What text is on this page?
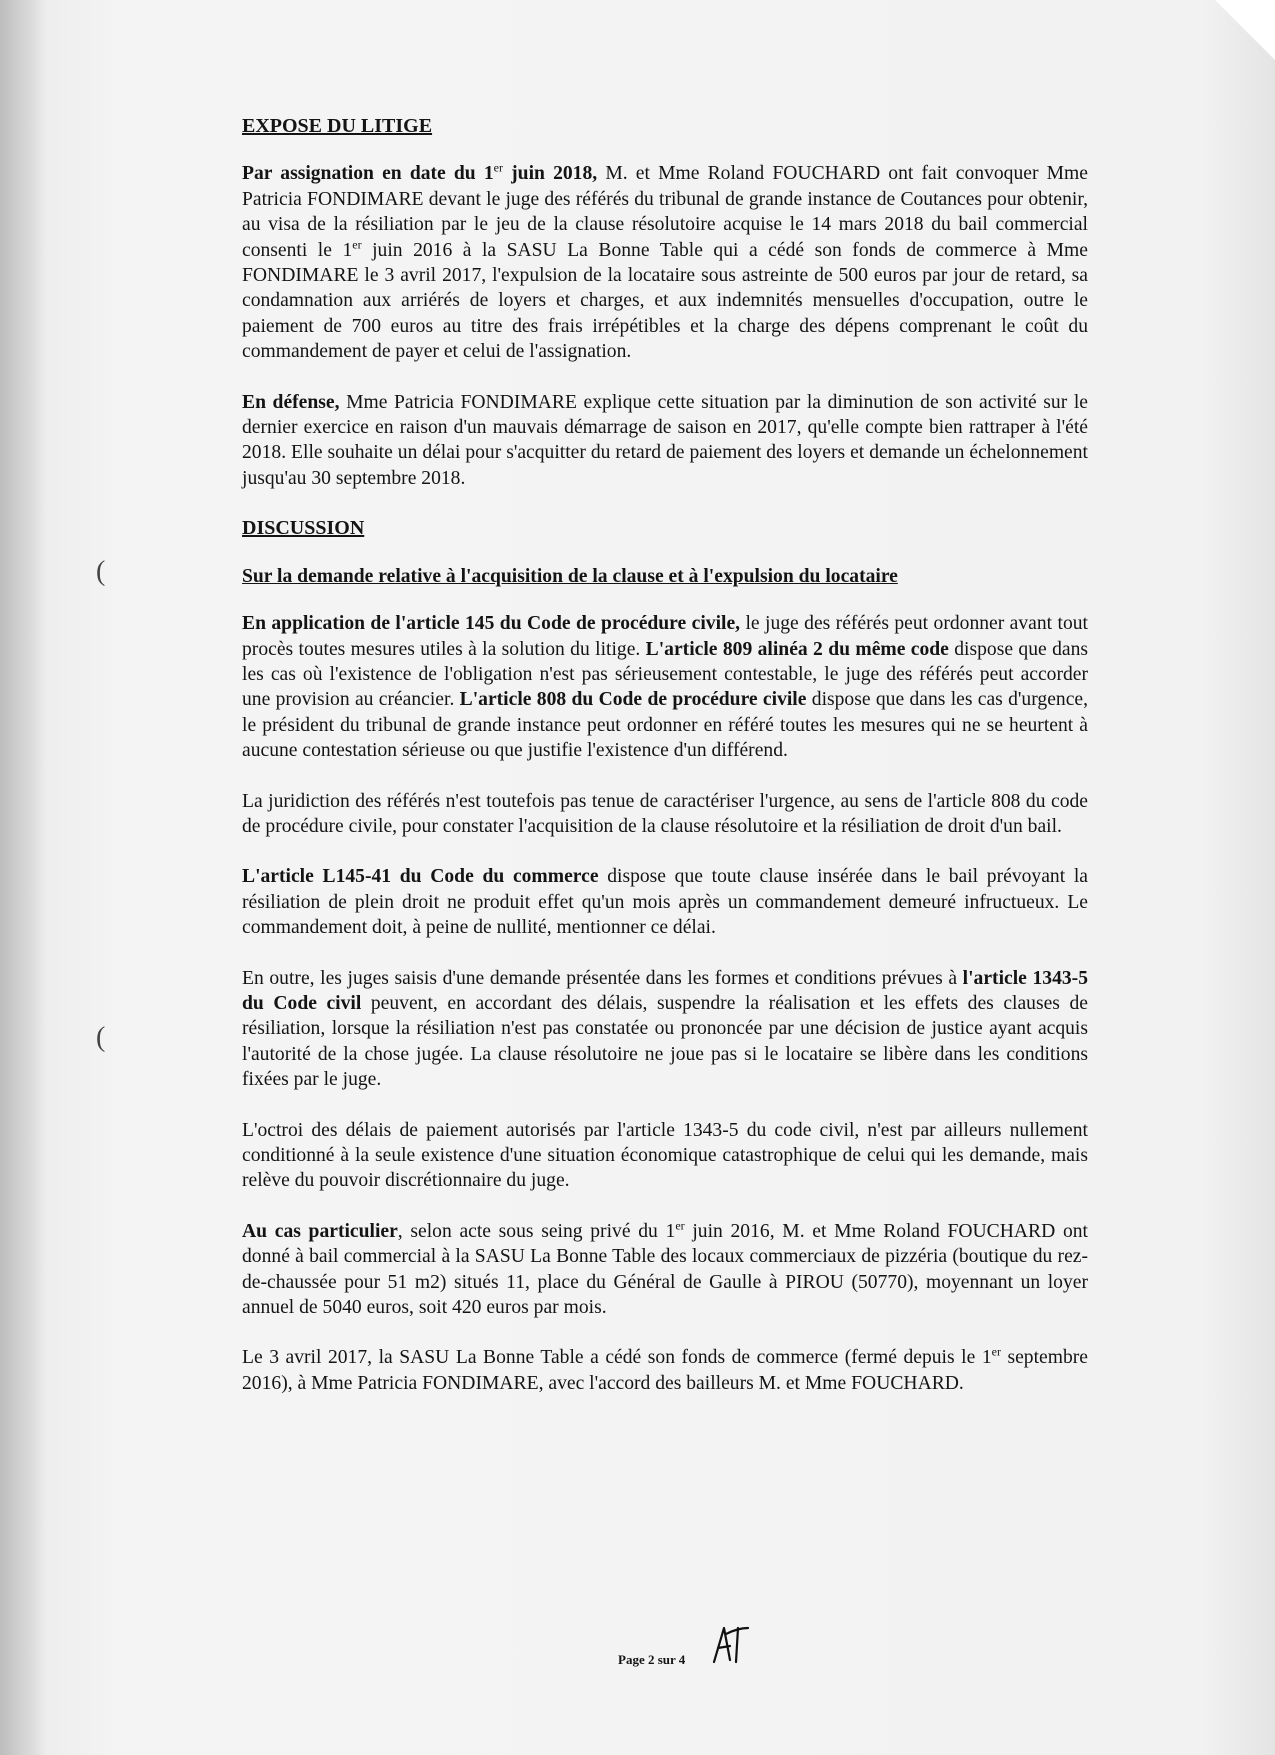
(
(
EXPOSE DU LITIGE

Par assignation en date du 1er juin 2018, M. et Mme Roland FOUCHARD ont fait convoquer Mme Patricia FONDIMARE devant le juge des référés du tribunal de grande instance de Coutances pour obtenir, au visa de la résiliation par le jeu de la clause résolutoire acquise le 14 mars 2018 du bail commercial consenti le 1er juin 2016 à la SASU La Bonne Table qui a cédé son fonds de commerce à Mme FONDIMARE le 3 avril 2017, l'expulsion de la locataire sous astreinte de 500 euros par jour de retard, sa condamnation aux arriérés de loyers et charges, et aux indemnités mensuelles d'occupation, outre le paiement de 700 euros au titre des frais irrépétibles et la charge des dépens comprenant le coût du commandement de payer et celui de l'assignation.

En défense, Mme Patricia FONDIMARE explique cette situation par la diminution de son activité sur le dernier exercice en raison d'un mauvais démarrage de saison en 2017, qu'elle compte bien rattraper à l'été 2018. Elle souhaite un délai pour s'acquitter du retard de paiement des loyers et demande un échelonnement jusqu'au 30 septembre 2018.

DISCUSSION
Sur la demande relative à l'acquisition de la clause et à l'expulsion du locataire

En application de l'article 145 du Code de procédure civile, le juge des référés peut ordonner avant tout procès toutes mesures utiles à la solution du litige. L'article 809 alinéa 2 du même code dispose que dans les cas où l'existence de l'obligation n'est pas sérieusement contestable, le juge des référés peut accorder une provision au créancier. L'article 808 du Code de procédure civile dispose que dans les cas d'urgence, le président du tribunal de grande instance peut ordonner en référé toutes les mesures qui ne se heurtent à aucune contestation sérieuse ou que justifie l'existence d'un différend.

La juridiction des référés n'est toutefois pas tenue de caractériser l'urgence, au sens de l'article 808 du code de procédure civile, pour constater l'acquisition de la clause résolutoire et la résiliation de droit d'un bail.

L'article L145-41 du Code du commerce dispose que toute clause insérée dans le bail prévoyant la résiliation de plein droit ne produit effet qu'un mois après un commandement demeuré infructueux. Le commandement doit, à peine de nullité, mentionner ce délai.

En outre, les juges saisis d'une demande présentée dans les formes et conditions prévues à l'article 1343-5 du Code civil peuvent, en accordant des délais, suspendre la réalisation et les effets des clauses de résiliation, lorsque la résiliation n'est pas constatée ou prononcée par une décision de justice ayant acquis l'autorité de la chose jugée. La clause résolutoire ne joue pas si le locataire se libère dans les conditions fixées par le juge.

L'octroi des délais de paiement autorisés par l'article 1343-5 du code civil, n'est par ailleurs nullement conditionné à la seule existence d'une situation économique catastrophique de celui qui les demande, mais relève du pouvoir discrétionnaire du juge.

Au cas particulier, selon acte sous seing privé du 1er juin 2016, M. et Mme Roland FOUCHARD ont donné à bail commercial à la SASU La Bonne Table des locaux commerciaux de pizzéria (boutique du rez-de-chaussée pour 51 m2) situés 11, place du Général de Gaulle à PIROU (50770), moyennant un loyer annuel de 5040 euros, soit 420 euros par mois.

Le 3 avril 2017, la SASU La Bonne Table a cédé son fonds de commerce (fermé depuis le 1er septembre 2016), à Mme Patricia FONDIMARE, avec l'accord des bailleurs M. et Mme FOUCHARD.

Page 2 sur 4
